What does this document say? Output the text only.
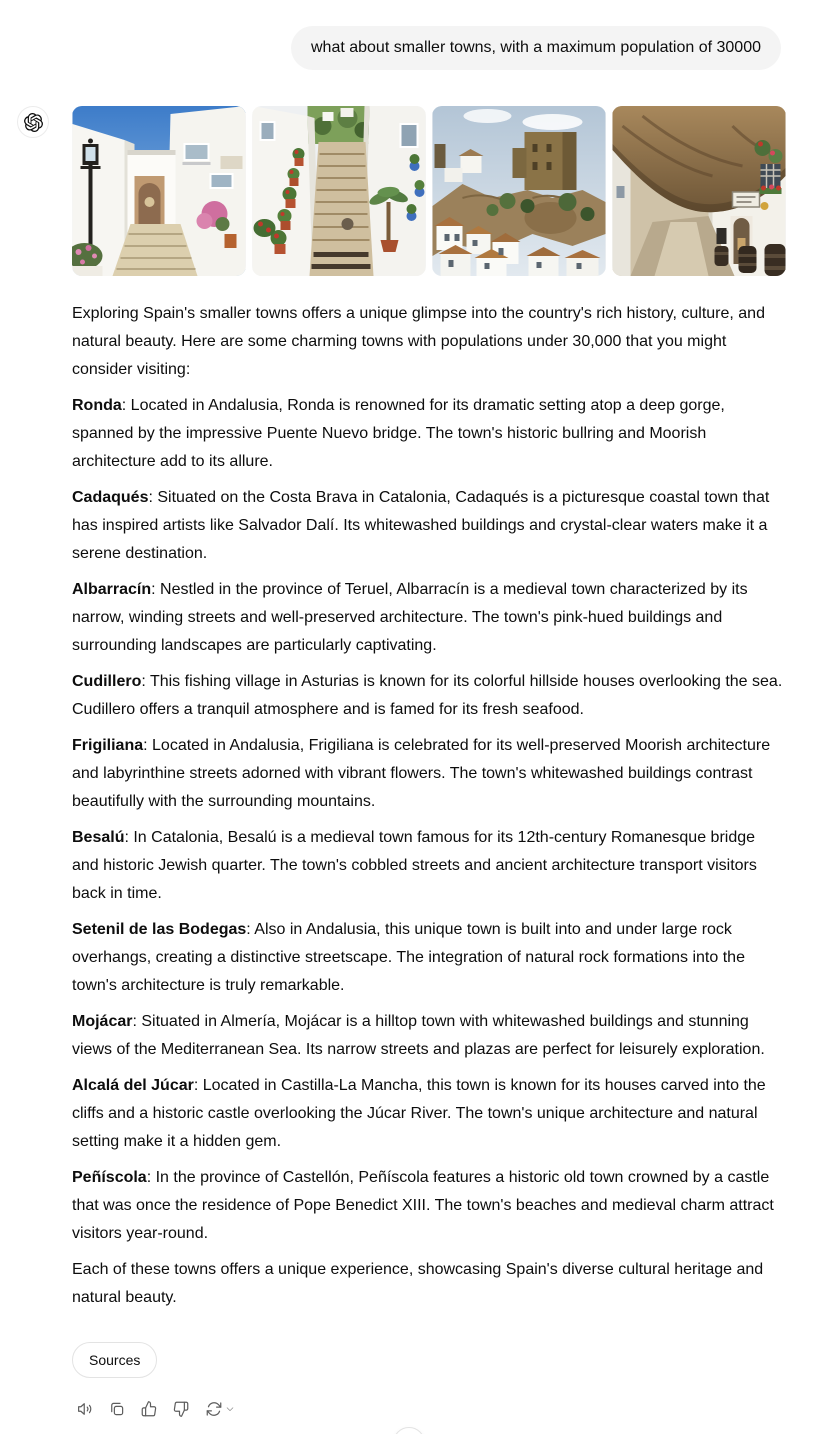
what about smaller towns, with a maximum population of 30000

Exploring Spain's smaller towns offers a unique glimpse into the country's rich history, culture, and natural beauty. Here are some charming towns with populations under 30,000 that you might consider visiting:

Ronda: Located in Andalusia, Ronda is renowned for its dramatic setting atop a deep gorge, spanned by the impressive Puente Nuevo bridge. The town's historic bullring and Moorish architecture add to its allure.

Cadaqués: Situated on the Costa Brava in Catalonia, Cadaqués is a picturesque coastal town that has inspired artists like Salvador Dalí. Its whitewashed buildings and crystal-clear waters make it a serene destination.

Albarracín: Nestled in the province of Teruel, Albarracín is a medieval town characterized by its narrow, winding streets and well-preserved architecture. The town's pink-hued buildings and surrounding landscapes are particularly captivating.

Cudillero: This fishing village in Asturias is known for its colorful hillside houses overlooking the sea. Cudillero offers a tranquil atmosphere and is famed for its fresh seafood.

Frigiliana: Located in Andalusia, Frigiliana is celebrated for its well-preserved Moorish architecture and labyrinthine streets adorned with vibrant flowers. The town's whitewashed buildings contrast beautifully with the surrounding mountains.

Besalú: In Catalonia, Besalú is a medieval town famous for its 12th-century Romanesque bridge and historic Jewish quarter. The town's cobbled streets and ancient architecture transport visitors back in time.

Setenil de las Bodegas: Also in Andalusia, this unique town is built into and under large rock overhangs, creating a distinctive streetscape. The integration of natural rock formations into the town's architecture is truly remarkable.

Mojácar: Situated in Almería, Mojácar is a hilltop town with whitewashed buildings and stunning views of the Mediterranean Sea. Its narrow streets and plazas are perfect for leisurely exploration.

Alcalá del Júcar: Located in Castilla-La Mancha, this town is known for its houses carved into the cliffs and a historic castle overlooking the Júcar River. The town's unique architecture and natural setting make it a hidden gem.

Peñíscola: In the province of Castellón, Peñíscola features a historic old town crowned by a castle that was once the residence of Pope Benedict XIII. The town's beaches and medieval charm attract visitors year-round.

Each of these towns offers a unique experience, showcasing Spain's diverse cultural heritage and natural beauty.

Sources
